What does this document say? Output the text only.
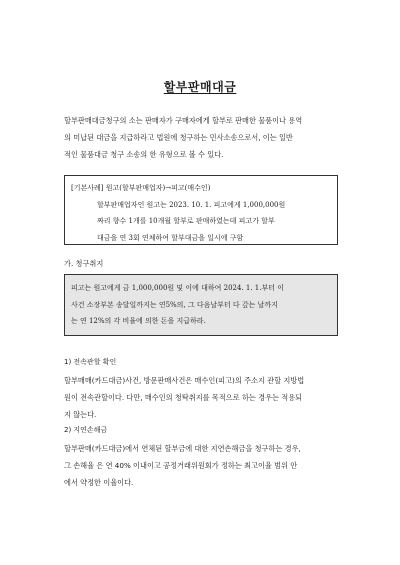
할부판매대금
할부판매대금청구의 소는 판매자가 구매자에게 할부로 판매한 물품이나 용역
의 미납된 대금을 지급하라고 법원에 청구하는 민사소송으로서, 이는 일반
적인 물품대금 청구 소송의 한 유형으로 볼 수 있다.
[기본사례] 원고(할부판매업자)→피고(매수인)
할부판매업자인 원고는 2023. 10. 1. 피고에게 1,000,000원
짜리 향수 1개를 10개월 할부로 판매하였는데 피고가 할부
대금을 연 3회 연체하여 할부대금을 일시에 구함
가. 청구취지
피고는 원고에게 금 1,000,000원 및 이에 대하여 2024. 1. 1.부터 이
사건 소장부본 송달일까지는 연5%의, 그 다음날부터 다 갚는 날까지
는 연 12%의 각 비율에 의한 돈을 지급하라.
1) 전속관할 확인
할부매매(카드대금)사건, 방문판매사건은 매수인(피고)의 주소지 관할 지방법
원이 전속관할이다. 다만, 매수인의 청탁취지를 목적으로 하는 경우는 적용되
지 않는다.
2) 지연손해금
할부판매(카드대금)에서 연체된 할부금에 대한 지연손해금을 청구하는 경우,
그 손해율 은 연 40% 이내이고 공정거래위원회가 정하는 최고이율 범위 안
에서 약정한 이율이다.
